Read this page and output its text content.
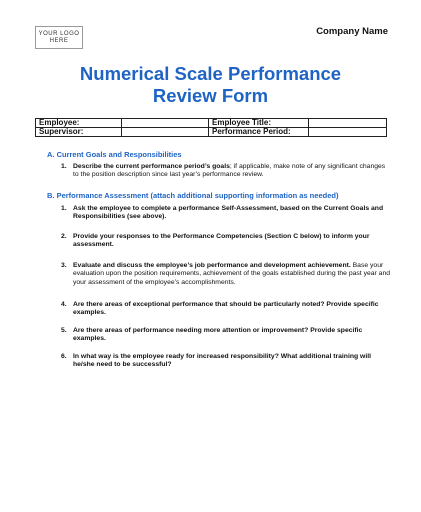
YOUR LOGO
HERE
Company Name
Numerical Scale Performance
Review Form
Employee:		Employee Title:	
Supervisor:		Performance Period:	
A. Current Goals and Responsibilities
1. Describe the current performance period’s goals; if applicable, make note of any significant changes to the position description since last year’s performance review.
B. Performance Assessment (attach additional supporting information as needed)
1. Ask the employee to complete a performance Self-Assessment, based on the Current Goals and Responsibilities (see above).
2. Provide your responses to the Performance Competencies (Section C below) to inform your assessment.
3. Evaluate and discuss the employee’s job performance and development achievement. Base your evaluation upon the position requirements, achievement of the goals established during the past year and your assessment of the employee’s accomplishments.
4. Are there areas of exceptional performance that should be particularly noted? Provide specific examples.
5. Are there areas of performance needing more attention or improvement? Provide specific examples.
6. In what way is the employee ready for increased responsibility? What additional training will he/she need to be successful?
